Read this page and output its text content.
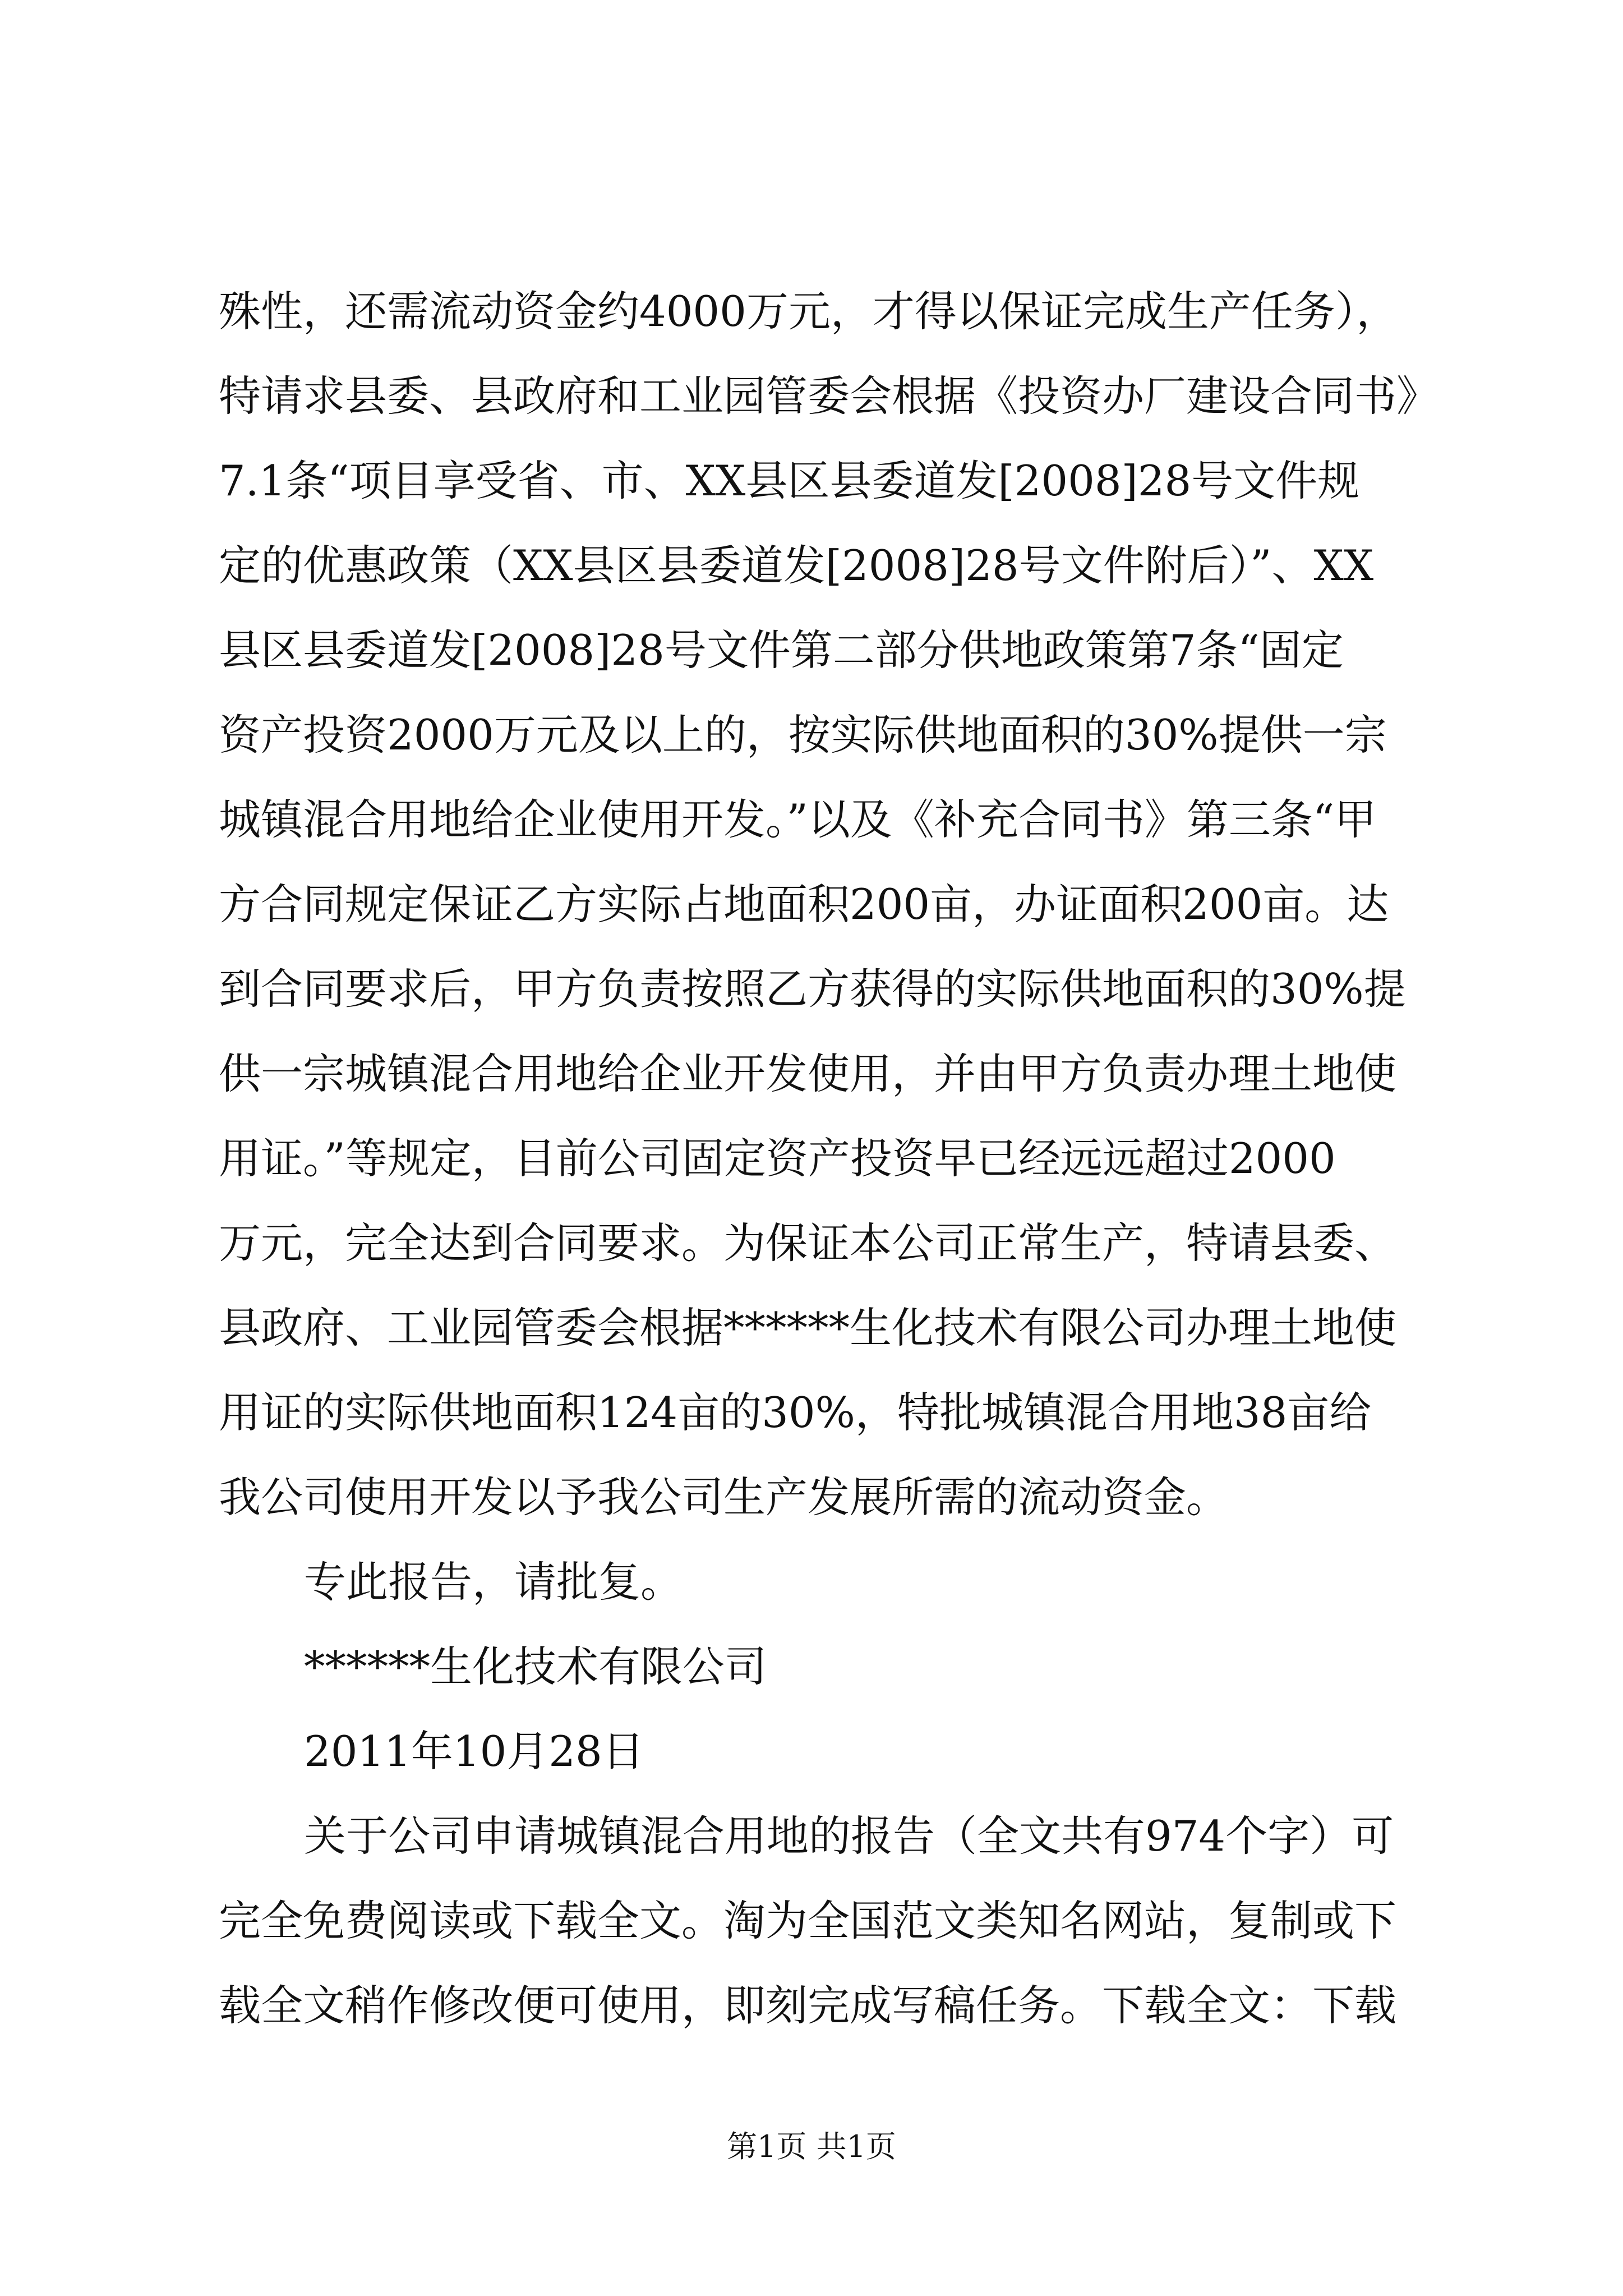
殊性，还需流动资金约4000万元，才得以保证完成生产任务），
特请求县委、县政府和工业园管委会根据《投资办厂建设合同书》
7.1条“项目享受省、市、XX县区县委道发[2008]28号文件规
定的优惠政策（XX县区县委道发[2008]28号文件附后）”、XX
县区县委道发[2008]28号文件第二部分供地政策第7条“固定
资产投资2000万元及以上的，按实际供地面积的30%提供一宗
城镇混合用地给企业使用开发。”以及《补充合同书》第三条“甲
方合同规定保证乙方实际占地面积200亩，办证面积200亩。达
到合同要求后，甲方负责按照乙方获得的实际供地面积的30%提
供一宗城镇混合用地给企业开发使用，并由甲方负责办理土地使
用证。”等规定，目前公司固定资产投资早已经远远超过2000
万元，完全达到合同要求。为保证本公司正常生产，特请县委、
县政府、工业园管委会根据******生化技术有限公司办理土地使
用证的实际供地面积124亩的30%，特批城镇混合用地38亩给
我公司使用开发以予我公司生产发展所需的流动资金。
专此报告，请批复。
******生化技术有限公司
2011年10月28日
关于公司申请城镇混合用地的报告（全文共有974个字）可
完全免费阅读或下载全文。淘为全国范文类知名网站，复制或下
载全文稍作修改便可使用，即刻完成写稿任务。下载全文：下载
第1页 共1页
